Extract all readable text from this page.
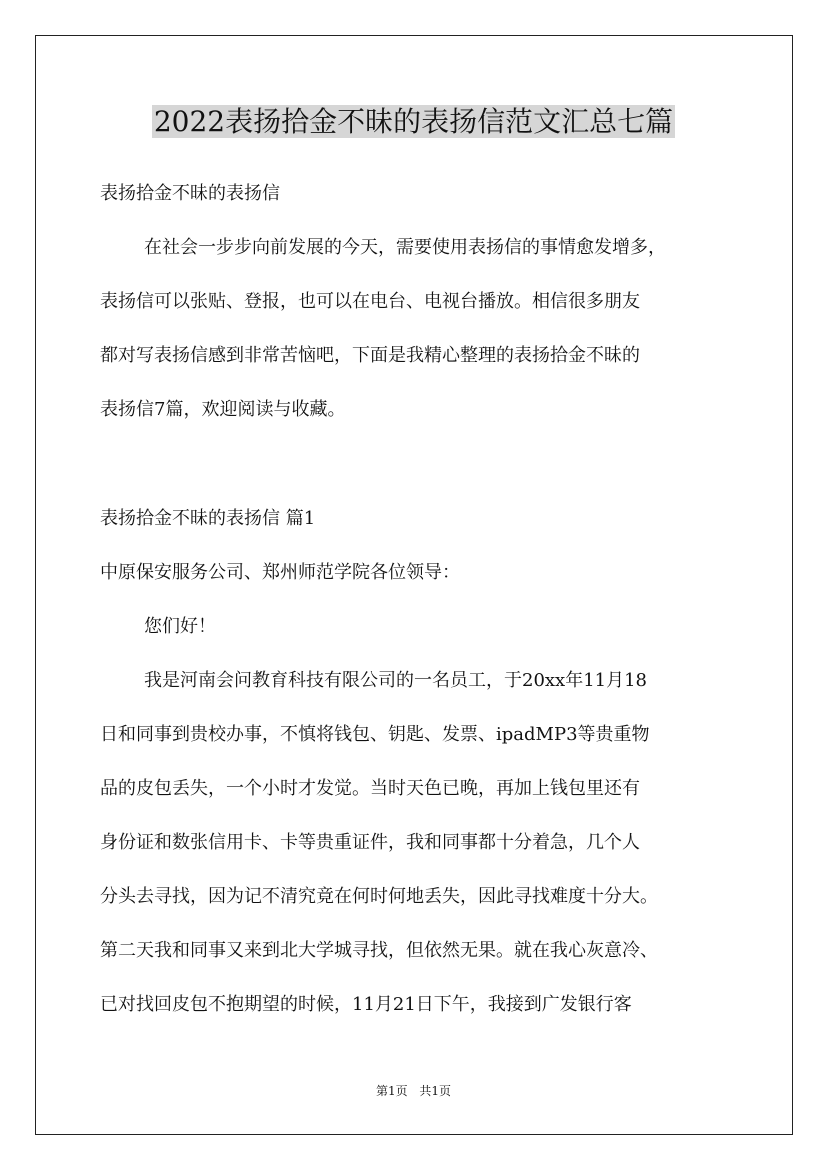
2022表扬拾金不昧的表扬信范文汇总七篇
表扬拾金不昧的表扬信
在社会一步步向前发展的今天，需要使用表扬信的事情愈发增多，
表扬信可以张贴、登报，也可以在电台、电视台播放。相信很多朋友
都对写表扬信感到非常苦恼吧，下面是我精心整理的表扬拾金不昧的
表扬信7篇，欢迎阅读与收藏。
表扬拾金不昧的表扬信 篇1
中原保安服务公司、郑州师范学院各位领导：
您们好！
我是河南会问教育科技有限公司的一名员工，于20xx年11月18
日和同事到贵校办事，不慎将钱包、钥匙、发票、ipadMP3等贵重物
品的皮包丢失，一个小时才发觉。当时天色已晚，再加上钱包里还有
身份证和数张信用卡、卡等贵重证件，我和同事都十分着急，几个人
分头去寻找，因为记不清究竟在何时何地丢失，因此寻找难度十分大。
第二天我和同事又来到北大学城寻找，但依然无果。就在我心灰意冷、
已对找回皮包不抱期望的时候，11月21日下午，我接到广发银行客
第1页 共1页
